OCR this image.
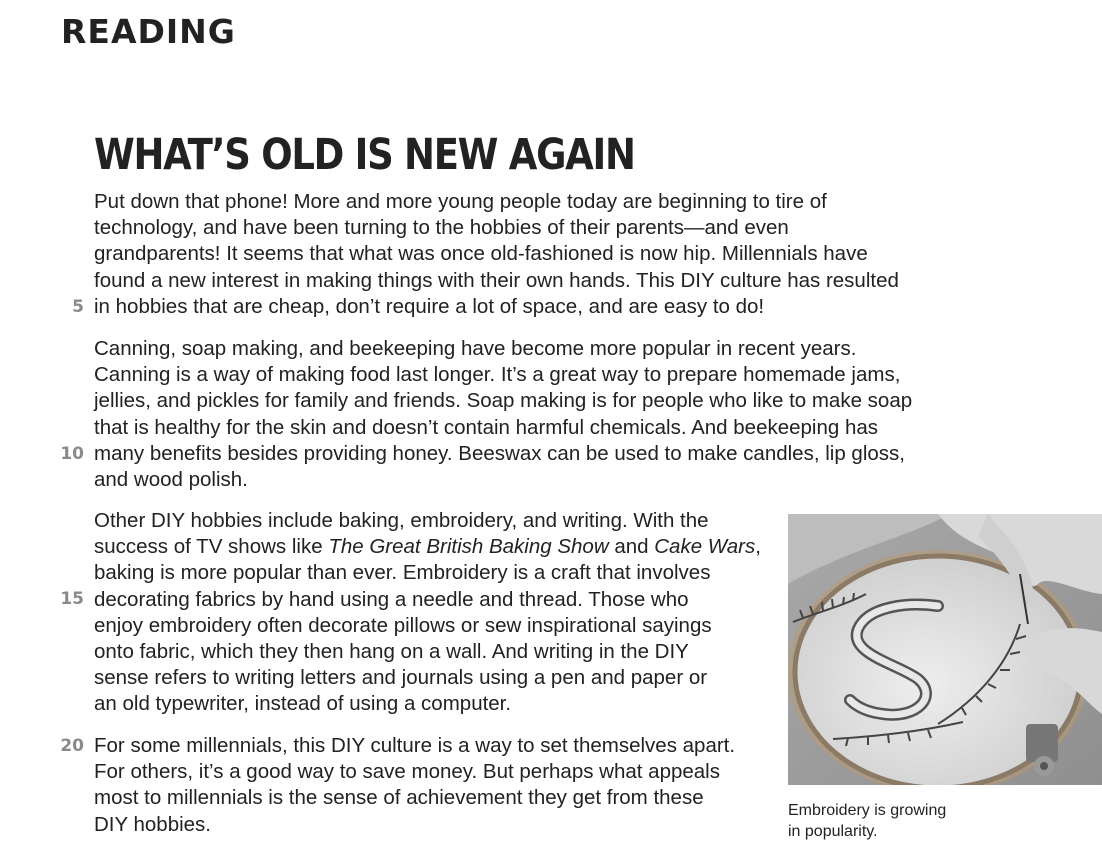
READING
WHAT’S OLD IS NEW AGAIN
Put down that phone! More and more young people today are beginning to tire of
technology, and have been turning to the hobbies of their parents—and even
grandparents! It seems that what was once old-fashioned is now hip. Millennials have
found a new interest in making things with their own hands. This DIY culture has resulted
in hobbies that are cheap, don’t require a lot of space, and are easy to do!
Canning, soap making, and beekeeping have become more popular in recent years.
Canning is a way of making food last longer. It’s a great way to prepare homemade jams,
jellies, and pickles for family and friends. Soap making is for people who like to make soap
that is healthy for the skin and doesn’t contain harmful chemicals. And beekeeping has
many benefits besides providing honey. Beeswax can be used to make candles, lip gloss,
and wood polish.
Other DIY hobbies include baking, embroidery, and writing. With the
success of TV shows like The Great British Baking Show and Cake Wars,
baking is more popular than ever. Embroidery is a craft that involves
decorating fabrics by hand using a needle and thread. Those who
enjoy embroidery often decorate pillows or sew inspirational sayings
onto fabric, which they then hang on a wall. And writing in the DIY
sense refers to writing letters and journals using a pen and paper or
an old typewriter, instead of using a computer.
For some millennials, this DIY culture is a way to set themselves apart.
For others, it’s a good way to save money. But perhaps what appeals
most to millennials is the sense of achievement they get from these
DIY hobbies.
5
10
15
20

Embroidery is growing
in popularity.
